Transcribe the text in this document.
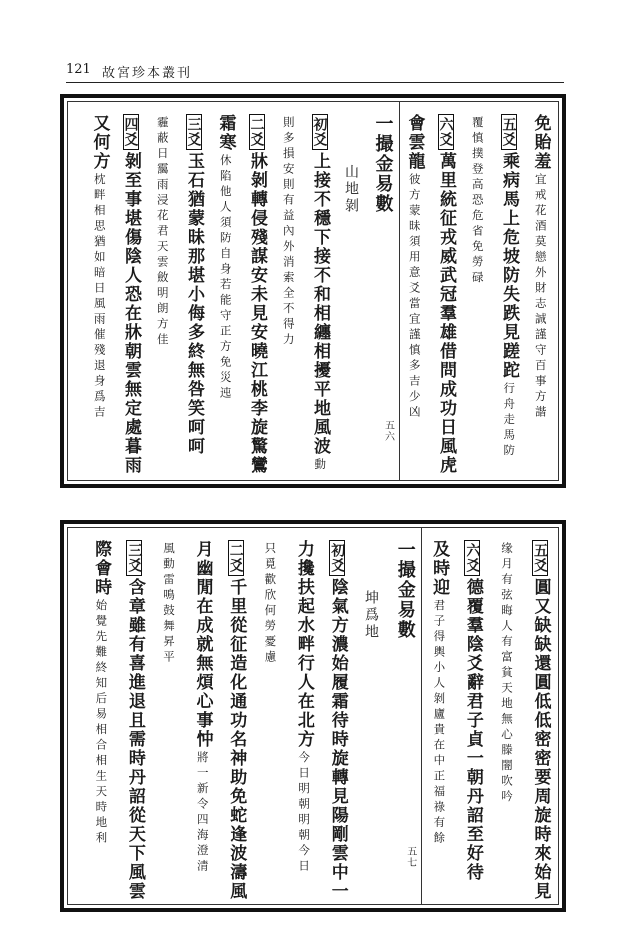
121 故宮珍本叢刊
免貽羞
宜戒花酒莫戀外財志誠謹守百事方諧
五爻
乘病馬上危坡防失跌見蹉跎
行舟走馬防
覆慎撲登高恐危省免勞碌
六爻
萬里統征戎威武冠羣雄借問成功日風虎
會雲龍
彼方蒙昧須用意爻當宜謹慎多吉少凶
一撮金易數
山地剝
初爻
上接不穩下接不和相纏相擾平地風波
動
則多損安則有益內外消索全不得力
二爻
牀剝轉侵殘謀安未見安曉江桃李旋驚鸞
霜寒
休陷他人須防自身若能守正方免災迍
三爻
玉石猶蒙昧那堪小侮多終無咎笑呵呵
霾蔽日靄雨浸花君天雲斂明朗方佳
四爻
剝至事堪傷陰人恐在牀朝雲無定處暮雨
又何方
枕畔相思猶如暗日風雨催殘退身爲吉
五六
五爻
圓又缺缺還圓低低密密要周旋時來始見
缘月有弦晦人有富貧天地無心滕闇吹吟
六爻
德覆羣陰爻辭君子貞一朝丹詔至好待
及時迎
君子得輿小人剝廬貴在中正福祿有餘
一撮金易數
坤爲地
初爻
陰氣方濃始履霜待時旋轉見陽剛雲中一
力攙扶起水畔行人在北方
今日明朝明朝今日
只覓歡欣何勞憂慮
二爻
千里從征造化通功名神助免蛇逢波濤風
月幽閒在成就無煩心事忡
將一新令四海澄清
風動雷鳴鼓舞昇平
三爻
含章雖有喜進退且需時丹詔從天下風雲
際會時
始覺先難終知后易相合相生天時地利
五七
